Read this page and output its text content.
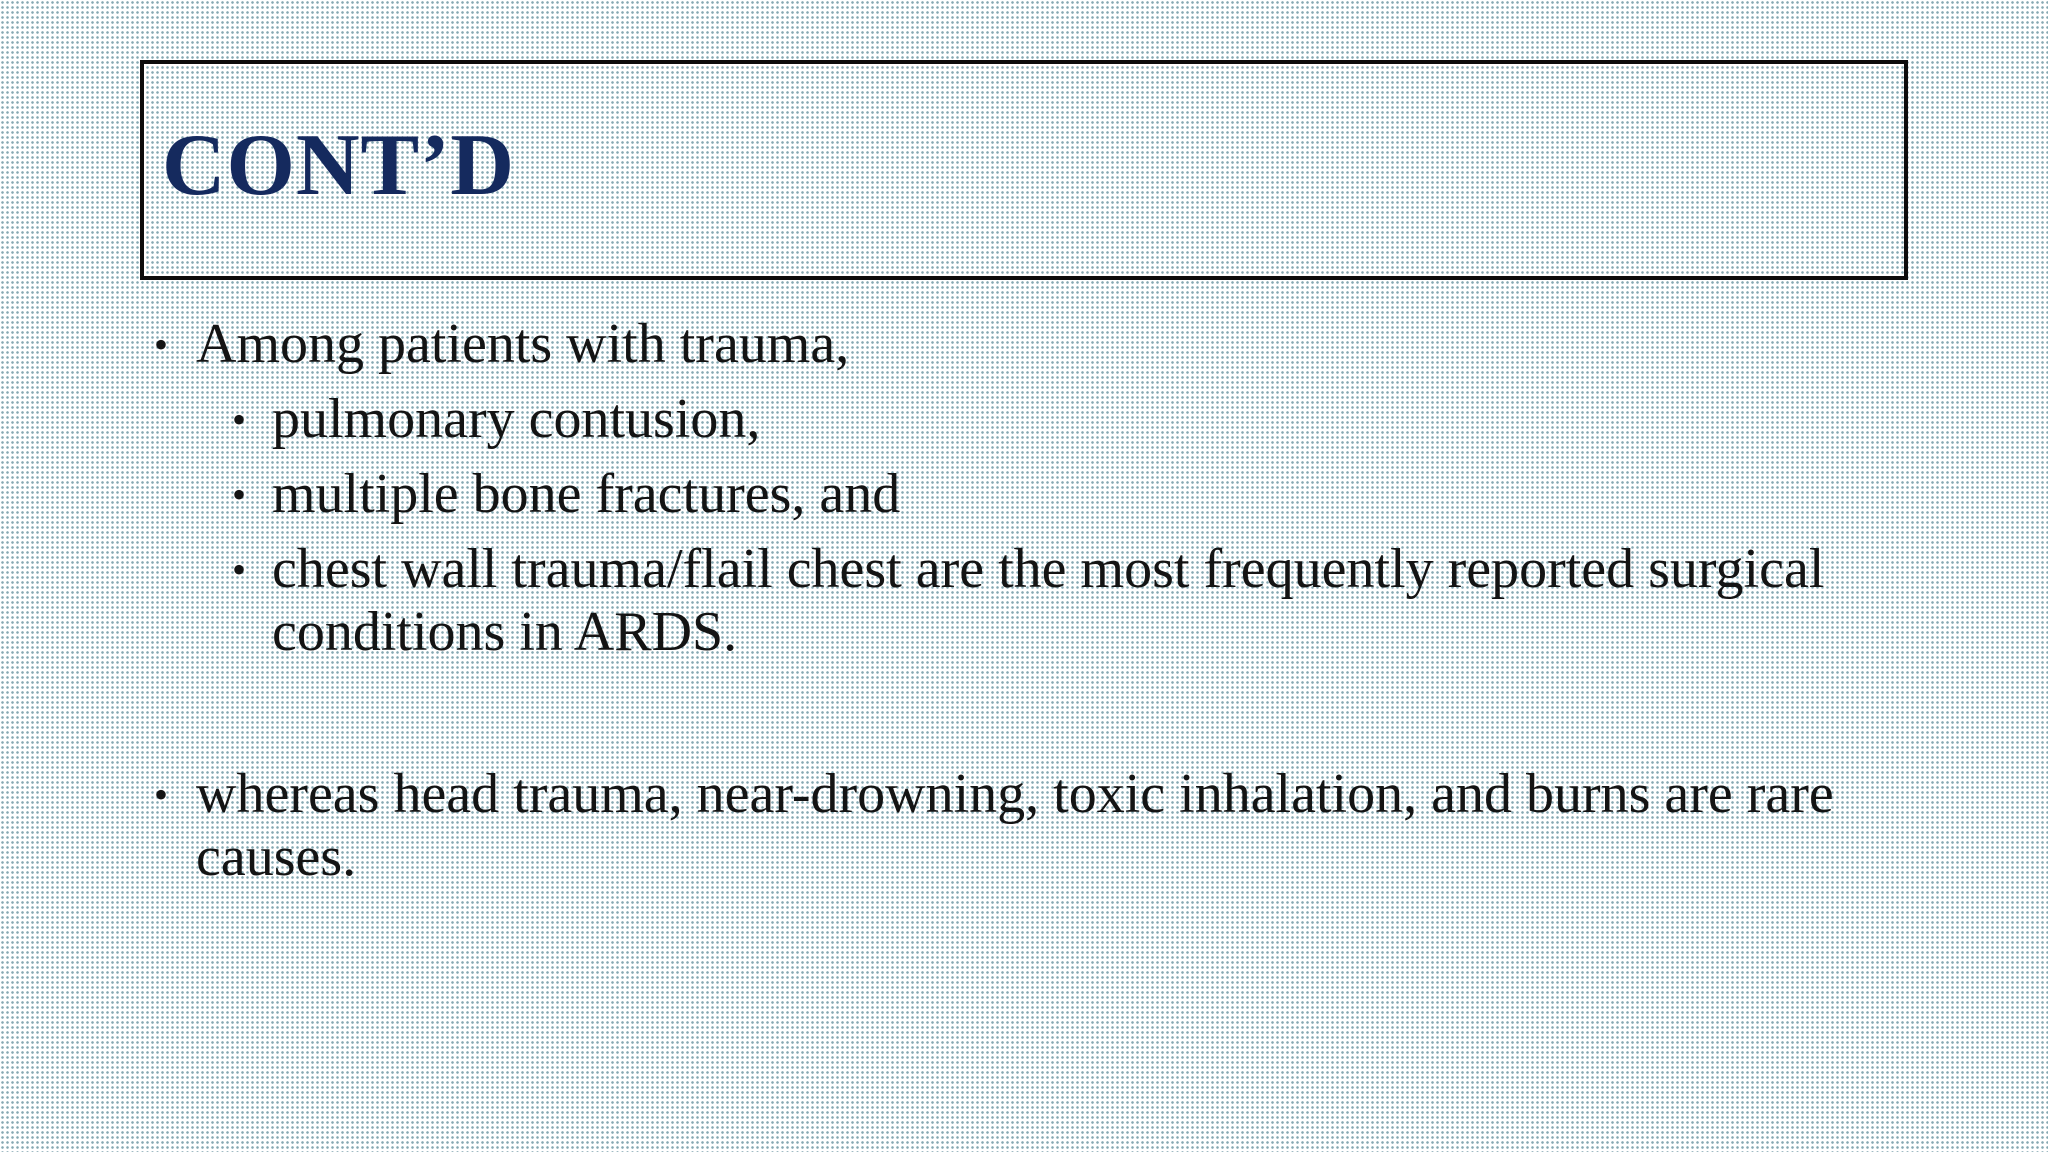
CONT’D

• Among patients with trauma,

• pulmonary contusion,

• multiple bone fractures, and

• chest wall trauma/flail chest are the most frequently reported surgical conditions in ARDS.

• whereas head trauma, near-drowning, toxic inhalation, and burns are rare causes.
